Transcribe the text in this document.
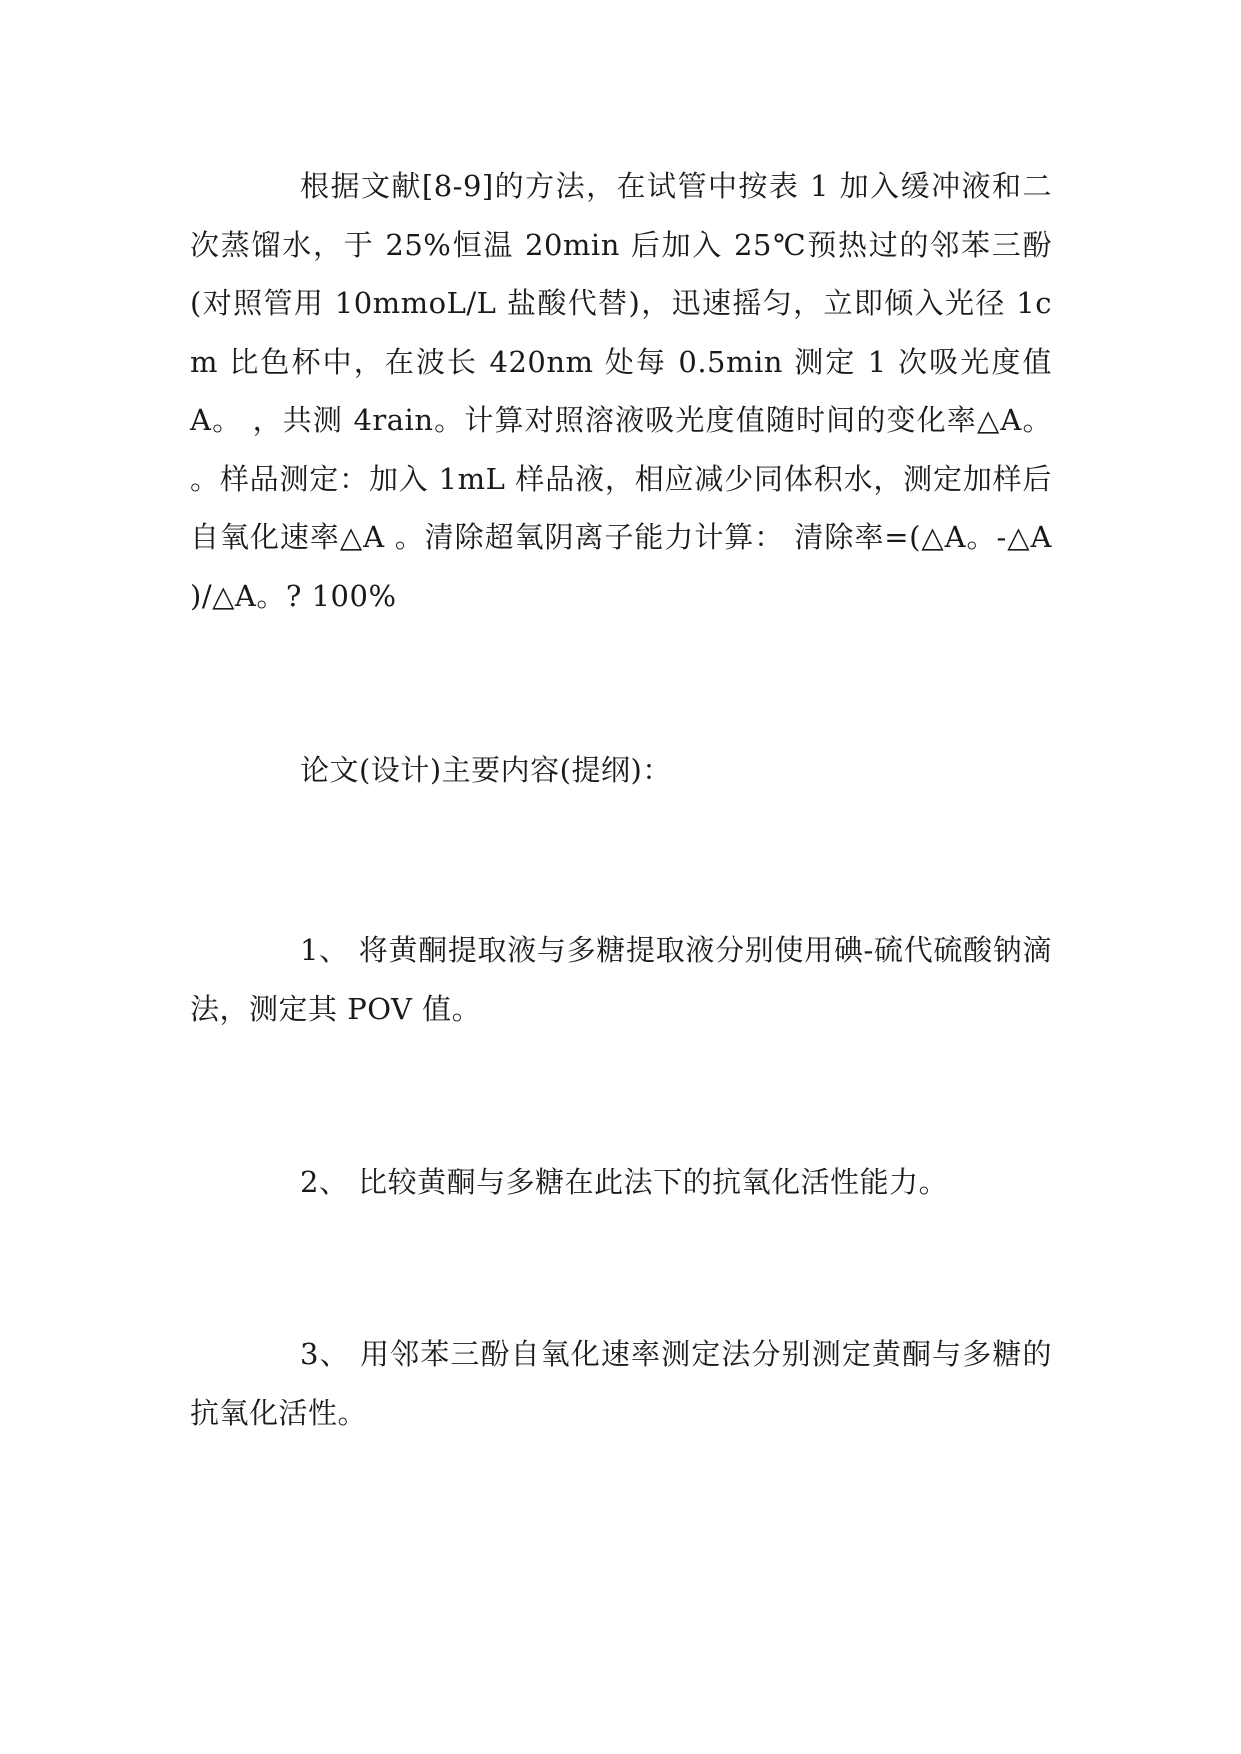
根据文献[8-9]的方法，在试管中按表 1 加入缓冲液和二次蒸馏水，于 25%恒温 20min 后加入 25℃预热过的邻苯三酚(对照管用 10mmoL/L 盐酸代替)，迅速摇匀，立即倾入光径 1cm 比色杯中，在波长 420nm 处每 0.5min 测定 1 次吸光度值 A。 ，共测 4rain。计算对照溶液吸光度值随时间的变化率△A。 。样品测定：加入 1mL 样品液，相应减少同体积水，测定加样后自氧化速率△A 。清除超氧阴离子能力计算： 清除率=(△A。-△A )/△A。? 100%

论文(设计)主要内容(提纲)：

1、 将黄酮提取液与多糖提取液分别使用碘-硫代硫酸钠滴法，测定其 POV 值。

2、 比较黄酮与多糖在此法下的抗氧化活性能力。

3、 用邻苯三酚自氧化速率测定法分别测定黄酮与多糖的抗氧化活性。
